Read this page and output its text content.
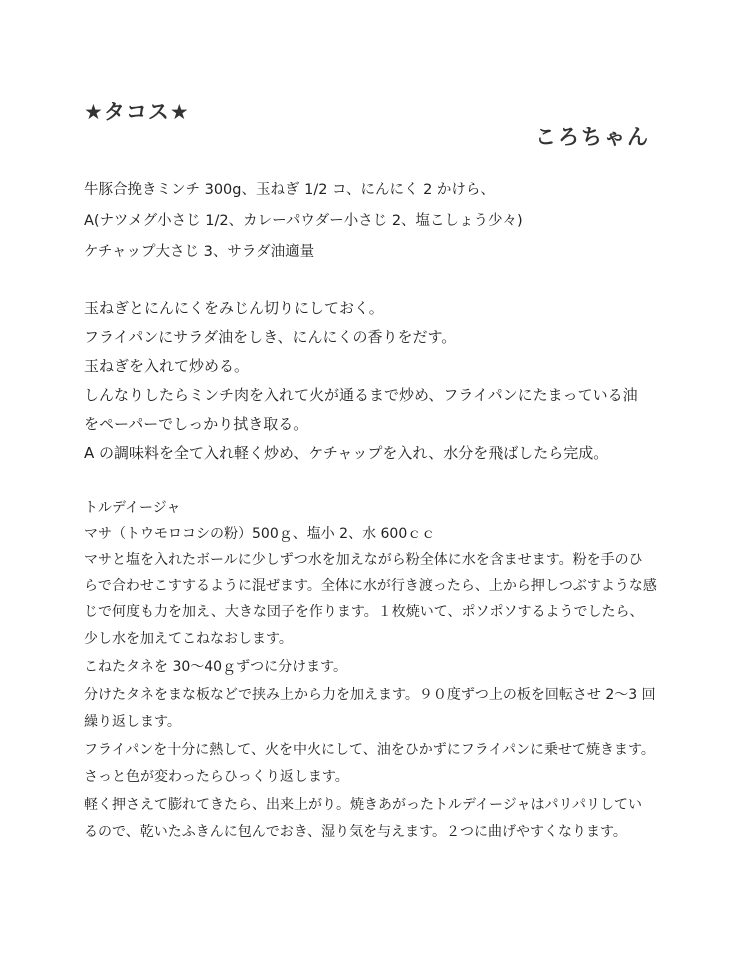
★タコス★
ころちゃん

牛豚合挽きミンチ 300g、玉ねぎ 1/2 コ、にんにく 2 かけら、

A(ナツメグ小さじ 1/2、カレーパウダー小さじ 2、塩こしょう少々)

ケチャップ大さじ 3、サラダ油適量

玉ねぎとにんにくをみじん切りにしておく。

フライパンにサラダ油をしき、にんにくの香りをだす。

玉ねぎを入れて炒める。

しんなりしたらミンチ肉を入れて火が通るまで炒め、フライパンにたまっている油

をペーパーでしっかり拭き取る。

A の調味料を全て入れ軽く炒め、ケチャップを入れ、水分を飛ばしたら完成。

トルデイージャ

マサ（トウモロコシの粉）500ｇ、塩小 2、水 600ｃｃ

マサと塩を入れたボールに少しずつ水を加えながら粉全体に水を含ませます。粉を手のひ

らで合わせこすするように混ぜます。全体に水が行き渡ったら、上から押しつぶすような感

じで何度も力を加え、大きな団子を作ります。１枚焼いて、ポソポソするようでしたら、

少し水を加えてこねなおします。

こねたタネを 30～40ｇずつに分けます。

分けたタネをまな板などで挟み上から力を加えます。９０度ずつ上の板を回転させ 2～3 回

繰り返します。

フライパンを十分に熱して、火を中火にして、油をひかずにフライパンに乗せて焼きます。

さっと色が変わったらひっくり返します。

軽く押さえて膨れてきたら、出来上がり。焼きあがったトルデイージャはパリパリしてい

るので、乾いたふきんに包んでおき、湿り気を与えます。２つに曲げやすくなります。
